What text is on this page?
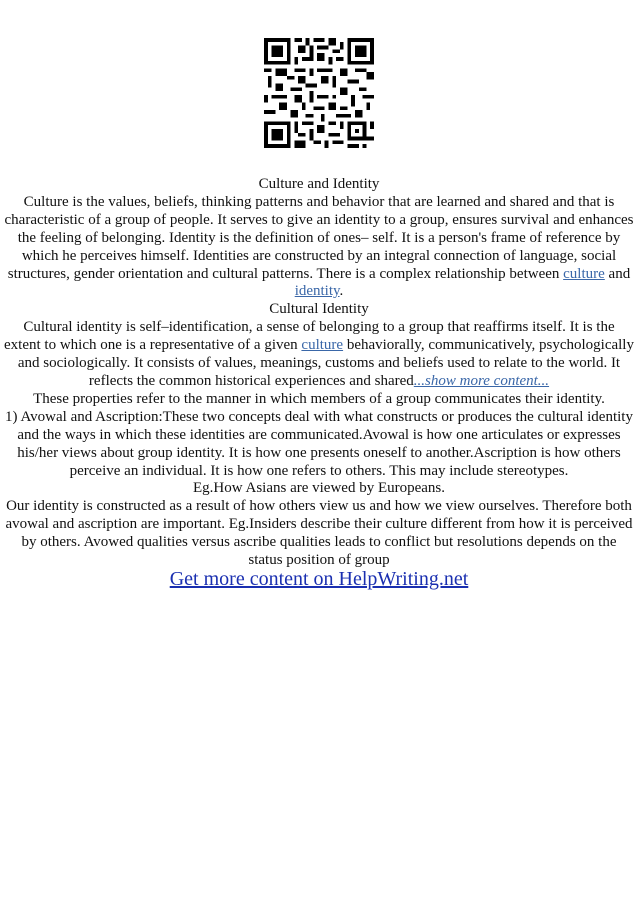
Culture and Identity

Culture is the values, beliefs, thinking patterns and behavior that are learned and shared and that is characteristic of a group of people. It serves to give an identity to a group, ensures survival and enhances the feeling of belonging. Identity is the definition of ones– self. It is a person's frame of reference by which he perceives himself. Identities are constructed by an integral connection of language, social structures, gender orientation and cultural patterns. There is a complex relationship between culture and identity.

Cultural Identity

Cultural identity is self–identification, a sense of belonging to a group that reaffirms itself. It is the extent to which one is a representative of a given culture behaviorally, communicatively, psychologically and sociologically. It consists of values, meanings, customs and beliefs used to relate to the world. It reflects the common historical experiences and shared...show more content...

These properties refer to the manner in which members of a group communicates their identity.

1) Avowal and Ascription:These two concepts deal with what constructs or produces the cultural identity and the ways in which these identities are communicated.Avowal is how one articulates or expresses his/her views about group identity. It is how one presents oneself to another.Ascription is how others perceive an individual. It is how one refers to others. This may include stereotypes.

Eg.How Asians are viewed by Europeans.

Our identity is constructed as a result of how others view us and how we view ourselves. Therefore both avowal and ascription are important. Eg.Insiders describe their culture different from how it is perceived by others. Avowed qualities versus ascribe qualities leads to conflict but resolutions depends on the status position of group

Get more content on HelpWriting.net
